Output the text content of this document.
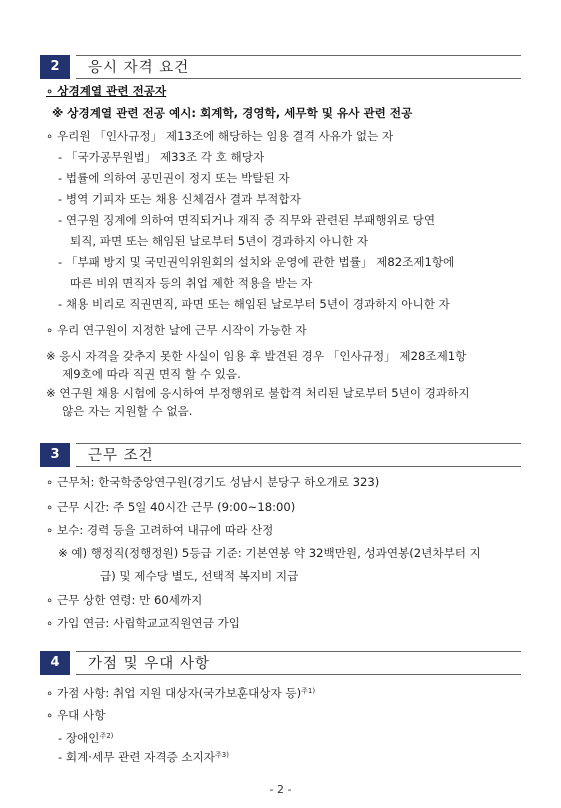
2	응시 자격 요건
∘ 상경계열 관련 전공자
※ 상경계열 관련 전공 예시: 회계학, 경영학, 세무학 및 유사 관련 전공
∘ 우리원 「인사규정」 제13조에 해당하는 임용 결격 사유가 없는 자
- 「국가공무원법」 제33조 각 호 해당자
- 법률에 의하여 공민권이 정지 또는 박탈된 자
- 병역 기피자 또는 채용 신체검사 결과 부적합자
- 연구원 징계에 의하여 면직되거나 재직 중 직무와 관련된 부패행위로 당연
퇴직, 파면 또는 해임된 날로부터 5년이 경과하지 아니한 자
- 「부패 방지 및 국민권익위원회의 설치와 운영에 관한 법률」 제82조제1항에
따른 비위 면직자 등의 취업 제한 적용을 받는 자
- 채용 비리로 직권면직, 파면 또는 해임된 날로부터 5년이 경과하지 아니한 자
∘ 우리 연구원이 지정한 날에 근무 시작이 가능한 자
※ 응시 자격을 갖추지 못한 사실이 임용 후 발견된 경우 「인사규정」 제28조제1항
제9호에 따라 직권 면직 할 수 있음.
※ 연구원 채용 시험에 응시하여 부정행위로 불합격 처리된 날로부터 5년이 경과하지
않은 자는 지원할 수 없음.
3	근무 조건
∘ 근무처: 한국학중앙연구원(경기도 성남시 분당구 하오개로 323)
∘ 근무 시간: 주 5일 40시간 근무 (9:00~18:00)
∘ 보수: 경력 등을 고려하여 내규에 따라 산정
※ 예) 행정직(정행정원) 5등급 기준: 기본연봉 약 32백만원, 성과연봉(2년차부터 지
급) 및 제수당 별도, 선택적 복지비 지급
∘ 근무 상한 연령: 만 60세까지
∘ 가입 연금: 사립학교교직원연금 가입
4	가점 및 우대 사항
∘ 가점 사항: 취업 지원 대상자(국가보훈대상자 등)$^{주1)}$
∘ 우대 사항
- 장애인$^{주2)}$
- 회계·세무 관련 자격증 소지자$^{주3)}$
- 2 -
